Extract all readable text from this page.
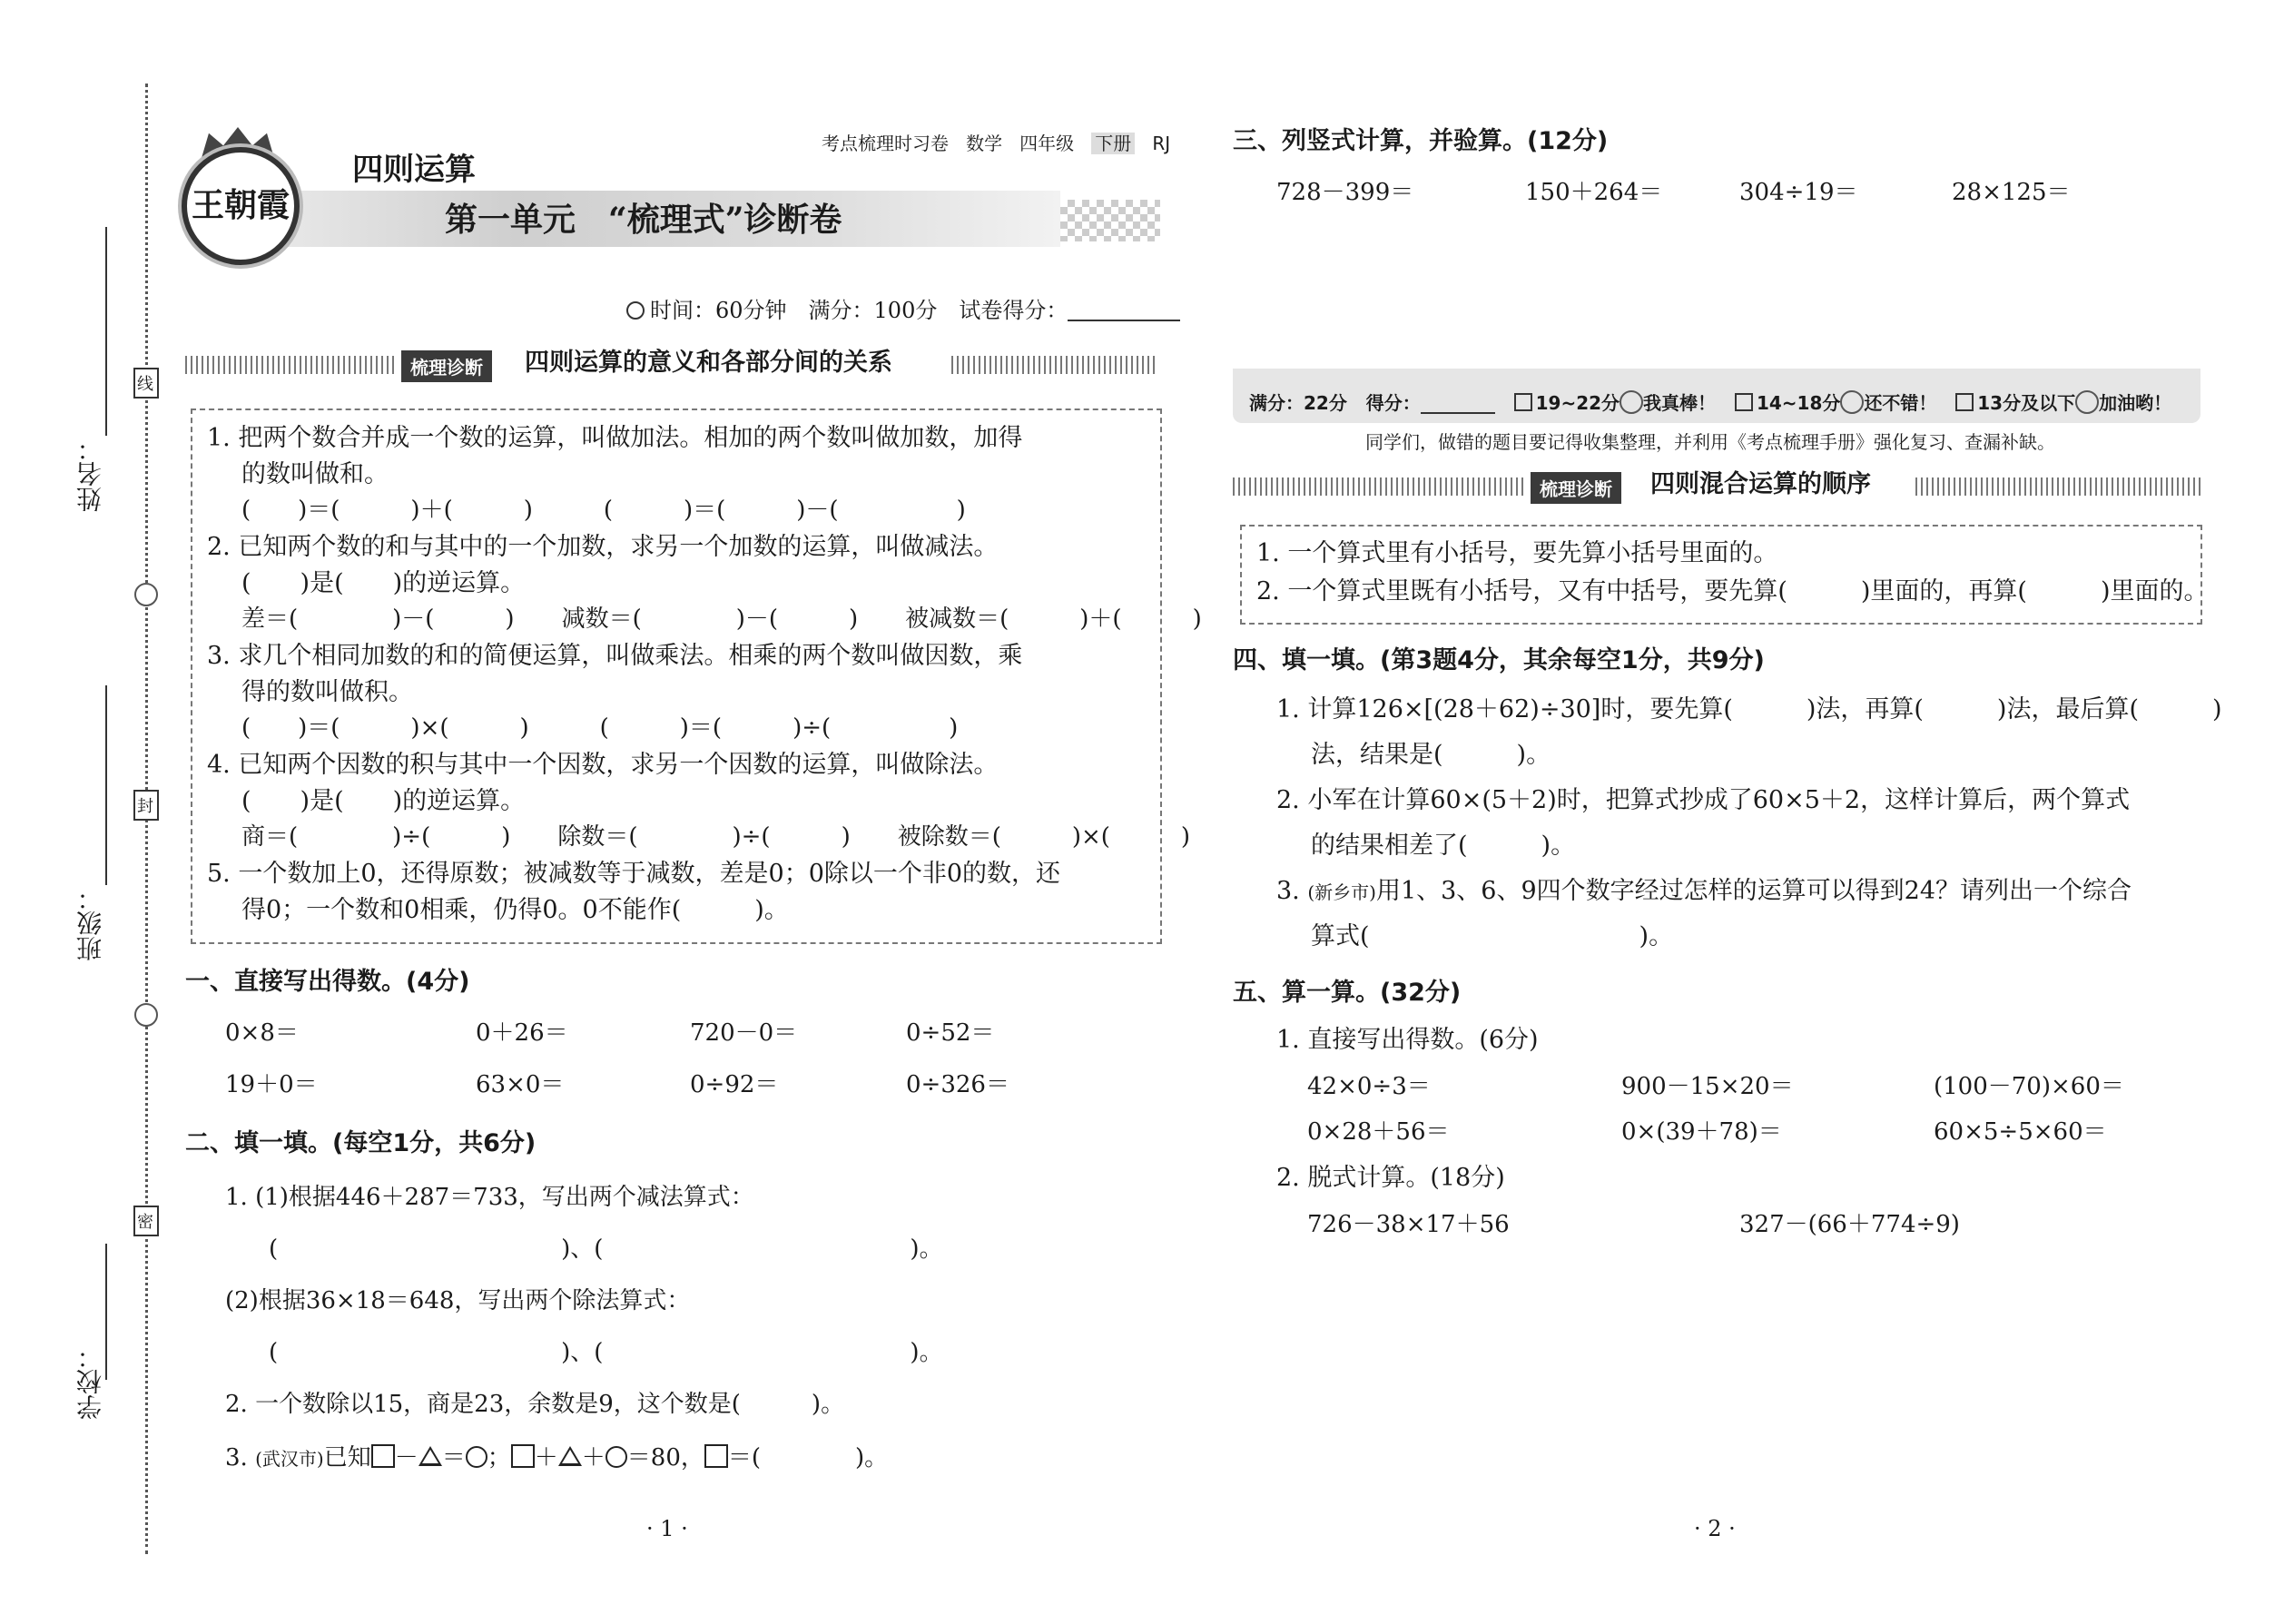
姓名：
班级：
学校：
线
封
密
王朝霞
考点梳理时习卷 数学 四年级 下册 RJ
四则运算
第一单元　“梳理式”诊断卷
时间：60分钟　满分：100分　试卷得分：
梳理诊断	四则运算的意义和各部分间的关系
1. 把两个数合并成一个数的运算，叫做加法。相加的两个数叫做加数，加得
的数叫做和。
(　　)＝(　　　)＋(　　　)　　　(　　　)＝(　　　)－(　　　　　)
2. 已知两个数的和与其中的一个加数，求另一个加数的运算，叫做减法。
(　　)是(　　)的逆运算。
差＝(　　　　)－(　　　)　　减数＝(　　　　)－(　　　)　　被减数＝(　　　)＋(　　　)
3. 求几个相同加数的和的简便运算，叫做乘法。相乘的两个数叫做因数，乘
得的数叫做积。
(　　)＝(　　　)×(　　　)　　　(　　　)＝(　　　)÷(　　　　　)
4. 已知两个因数的积与其中一个因数，求另一个因数的运算，叫做除法。
(　　)是(　　)的逆运算。
商＝(　　　　)÷(　　　)　　除数＝(　　　　)÷(　　　)　　被除数＝(　　　)×(　　　)
5. 一个数加上0，还得原数；被减数等于减数，差是0；0除以一个非0的数，还
得0；一个数和0相乘，仍得0。0不能作(　　　)。
一、直接写出得数。(4分)
0×8＝	0＋26＝	720－0＝	0÷52＝
19＋0＝	63×0＝	0÷92＝	0÷326＝
二、填一填。(每空1分，共6分)
1. (1)根据446＋287＝733，写出两个减法算式：
(　　　　　　　　　　　　)、(　　　　　　　　　　　　　)。
(2)根据36×18＝648，写出两个除法算式：
(　　　　　　　　　　　　)、(　　　　　　　　　　　　　)。
2. 一个数除以15，商是23，余数是9，这个数是(　　　)。
3. (武汉市)已知 － ＝ ； ＋ ＋ ＝80， ＝(　　　　)。
· 1 ·
三、列竖式计算，并验算。(12分)
728－399＝	150＋264＝	304÷19＝	28×125＝
满分：22分 得分：	19~22分 我真棒！ 14~18分 还不错！ 13分及以下 加油哟！
同学们，做错的题目要记得收集整理，并利用《考点梳理手册》强化复习、查漏补缺。
梳理诊断	四则混合运算的顺序
1. 一个算式里有小括号，要先算小括号里面的。
2. 一个算式里既有小括号，又有中括号，要先算(　　　)里面的，再算(　　　)里面的。
四、填一填。(第3题4分，其余每空1分，共9分)
1. 计算126×[(28＋62)÷30]时，要先算(　　　)法，再算(　　　)法，最后算(　　　)
法，结果是(　　　)。
2. 小军在计算60×(5＋2)时，把算式抄成了60×5＋2，这样计算后，两个算式
的结果相差了(　　　)。
3. (新乡市)用1、3、6、9四个数字经过怎样的运算可以得到24？请列出一个综合
算式(　　　　　　　　　　　)。
五、算一算。(32分)
1. 直接写出得数。(6分)
42×0÷3＝	900－15×20＝	(100－70)×60＝
0×28＋56＝	0×(39＋78)＝	60×5÷5×60＝
2. 脱式计算。(18分)
726－38×17＋56	327－(66＋774÷9)
· 2 ·
